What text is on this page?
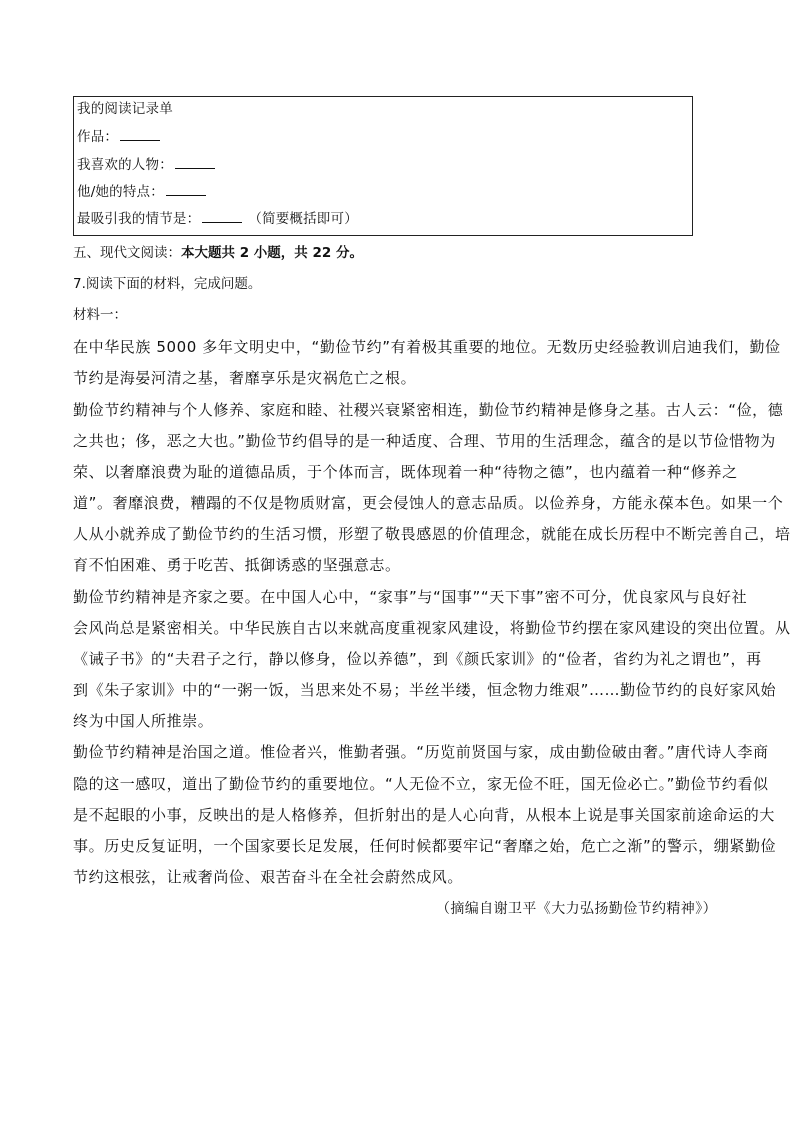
我的阅读记录单
作品：
我喜欢的人物：
他/她的特点：
最吸引我的情节是：	（简要概括即可）
五、现代文阅读：本大题共 2 小题，共 22 分。
7.阅读下面的材料，完成问题。
材料一：
在中华民族 5000 多年文明史中，“勤俭节约”有着极其重要的地位。无数历史经验教训启迪我们，勤俭
节约是海晏河清之基，奢靡享乐是灾祸危亡之根。
勤俭节约精神与个人修养、家庭和睦、社稷兴衰紧密相连，勤俭节约精神是修身之基。古人云：“俭，德
之共也；侈，恶之大也。”勤俭节约倡导的是一种适度、合理、节用的生活理念，蕴含的是以节俭惜物为
荣、以奢靡浪费为耻的道德品质，于个体而言，既体现着一种“待物之德”，也内蕴着一种“修养之
道”。奢靡浪费，糟蹋的不仅是物质财富，更会侵蚀人的意志品质。以俭养身，方能永葆本色。如果一个
人从小就养成了勤俭节约的生活习惯，形塑了敬畏感恩的价值理念，就能在成长历程中不断完善自己，培
育不怕困难、勇于吃苦、抵御诱惑的坚强意志。
勤俭节约精神是齐家之要。在中国人心中，“家事”与“国事”“天下事”密不可分，优良家风与良好社
会风尚总是紧密相关。中华民族自古以来就高度重视家风建设，将勤俭节约摆在家风建设的突出位置。从
《诫子书》的“夫君子之行，静以修身，俭以养德”，到《颜氏家训》的“俭者，省约为礼之谓也”，再
到《朱子家训》中的“一粥一饭，当思来处不易；半丝半缕，恒念物力维艰”……勤俭节约的良好家风始
终为中国人所推崇。
勤俭节约精神是治国之道。惟俭者兴，惟勤者强。“历览前贤国与家，成由勤俭破由奢。”唐代诗人李商
隐的这一感叹，道出了勤俭节约的重要地位。“人无俭不立，家无俭不旺，国无俭必亡。”勤俭节约看似
是不起眼的小事，反映出的是人格修养，但折射出的是人心向背，从根本上说是事关国家前途命运的大
事。历史反复证明，一个国家要长足发展，任何时候都要牢记“奢靡之始，危亡之渐”的警示，绷紧勤俭
节约这根弦，让戒奢尚俭、艰苦奋斗在全社会蔚然成风。
（摘编自谢卫平《大力弘扬勤俭节约精神》）
